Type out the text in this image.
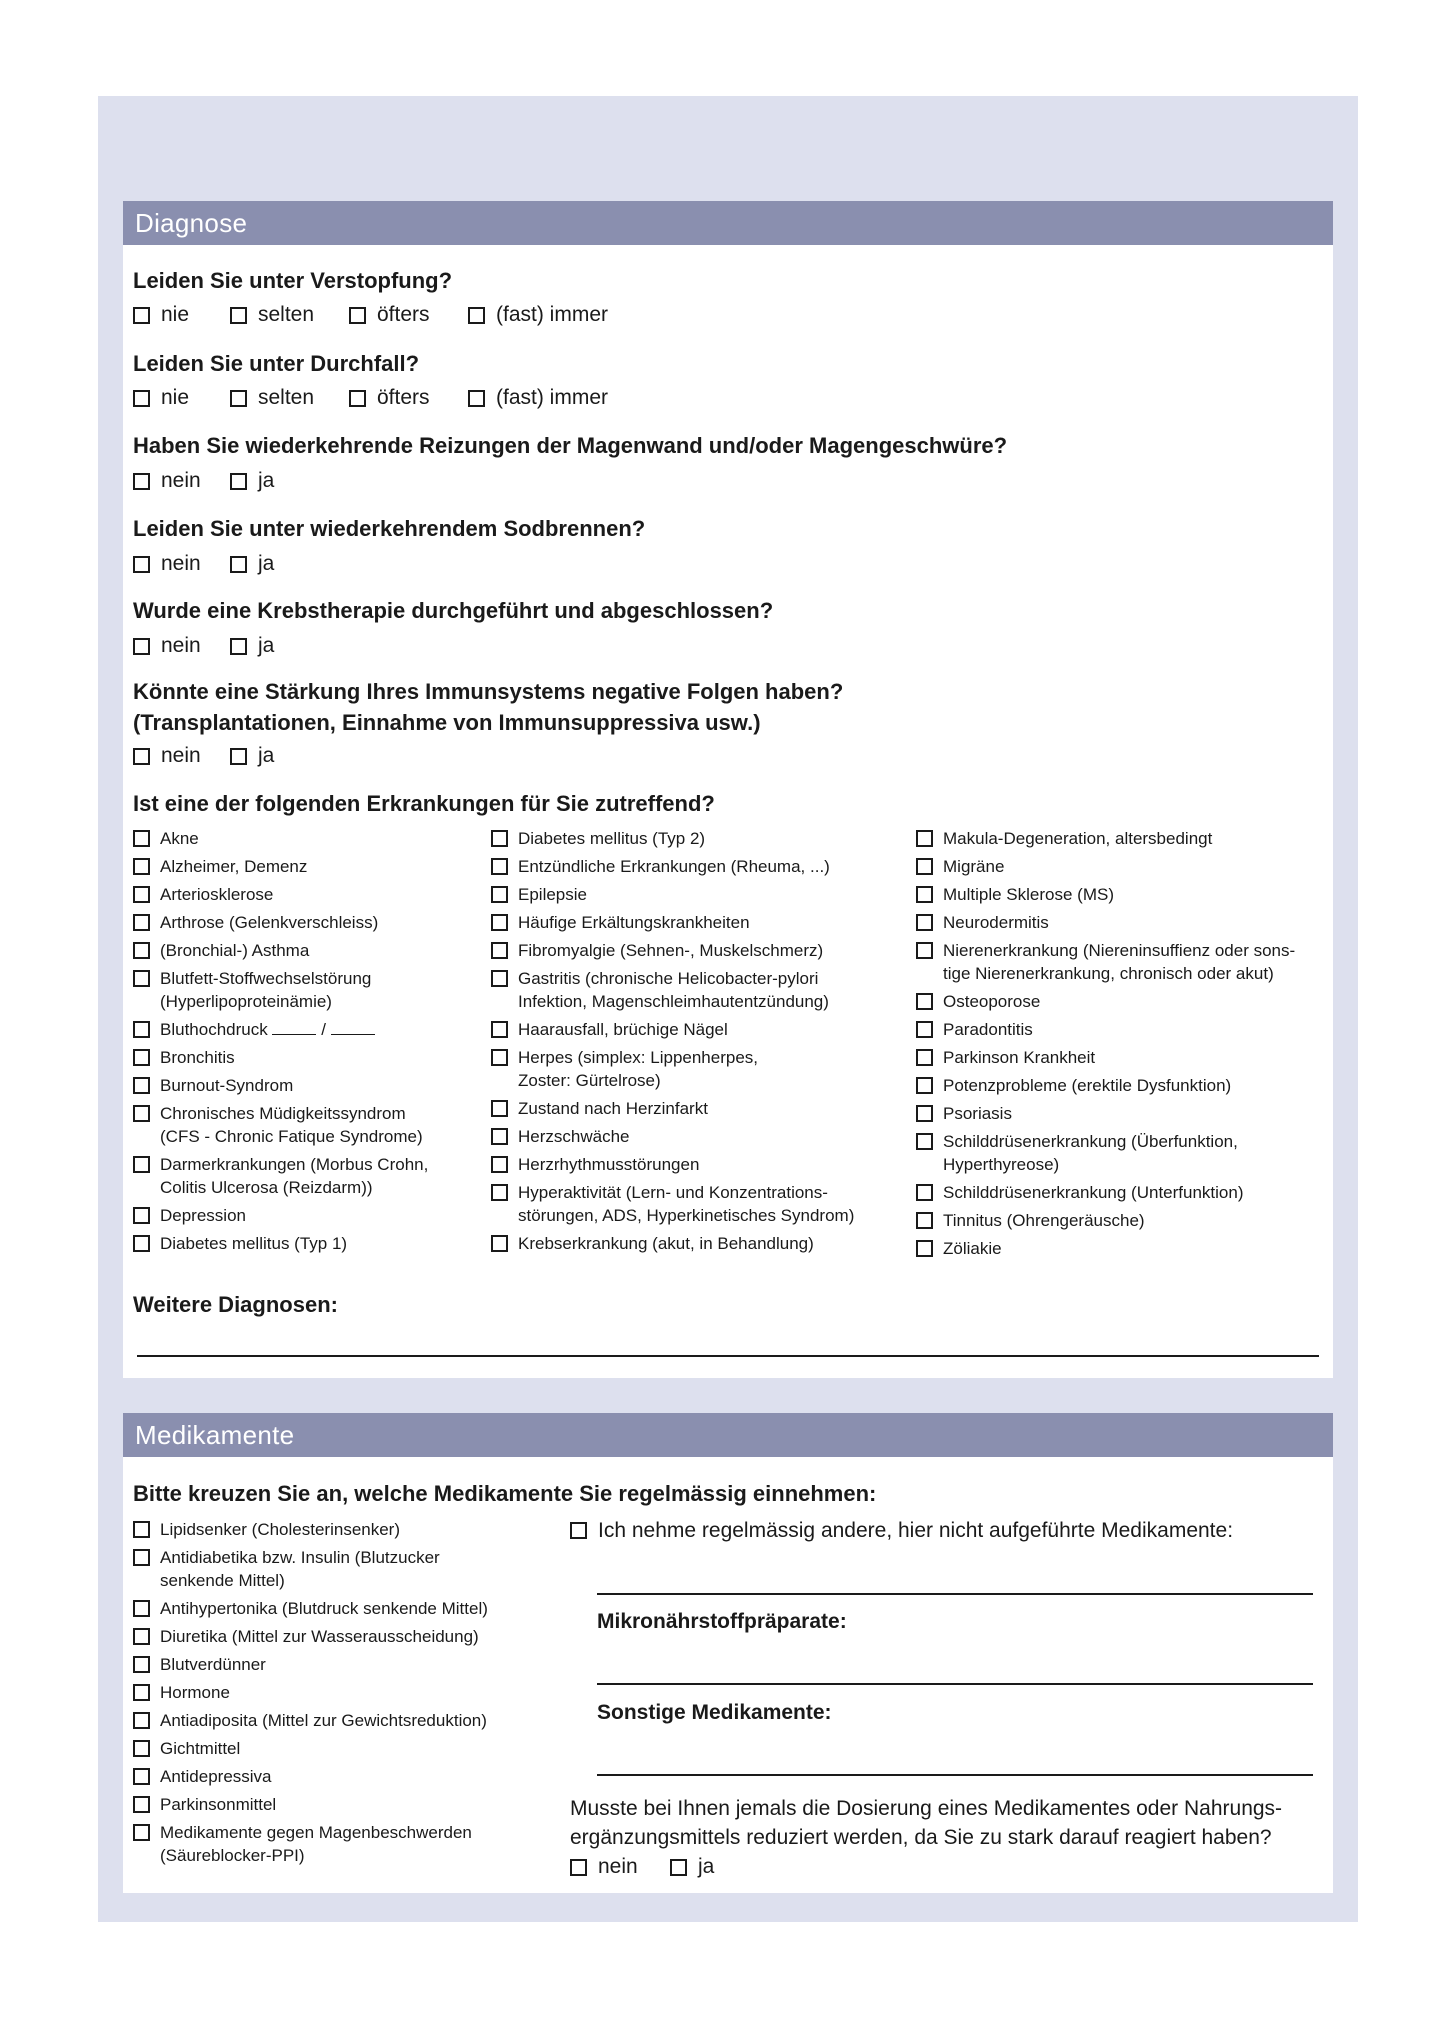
Diagnose
Leiden Sie unter Verstopfung?
nie	selten	öfters	(fast) immer
Leiden Sie unter Durchfall?
nie	selten	öfters	(fast) immer
Haben Sie wiederkehrende Reizungen der Magenwand und/oder Magengeschwüre?
nein	ja
Leiden Sie unter wiederkehrendem Sodbrennen?
nein	ja
Wurde eine Krebstherapie durchgeführt und abgeschlossen?
nein	ja
Könnte eine Stärkung Ihres Immunsystems negative Folgen haben?
(Transplantationen, Einnahme von Immunsuppressiva usw.)
nein	ja
Ist eine der folgenden Erkrankungen für Sie zutreffend?
Akne
Alzheimer, Demenz
Arteriosklerose
Arthrose (Gelenkverschleiss)
(Bronchial-) Asthma
Blutfett-Stoffwechselstörung
(Hyperlipoproteinämie)
Bluthochdruck	/
Bronchitis
Burnout-Syndrom
Chronisches Müdigkeitssyndrom
(CFS - Chronic Fatique Syndrome)
Darmerkrankungen (Morbus Crohn,
Colitis Ulcerosa (Reizdarm))
Depression
Diabetes mellitus (Typ 1)
Diabetes mellitus (Typ 2)
Entzündliche Erkrankungen (Rheuma, ...)
Epilepsie
Häufige Erkältungskrankheiten
Fibromyalgie (Sehnen-, Muskelschmerz)
Gastritis (chronische Helicobacter-pylori
Infektion, Magenschleimhautentzündung)
Haarausfall, brüchige Nägel
Herpes (simplex: Lippenherpes,
Zoster: Gürtelrose)
Zustand nach Herzinfarkt
Herzschwäche
Herzrhythmusstörungen
Hyperaktivität (Lern- und Konzentrations-
störungen, ADS, Hyperkinetisches Syndrom)
Krebserkrankung (akut, in Behandlung)
Makula-Degeneration, altersbedingt
Migräne
Multiple Sklerose (MS)
Neurodermitis
Nierenerkrankung (Niereninsuffienz oder sons-
tige Nierenerkrankung, chronisch oder akut)
Osteoporose
Paradontitis
Parkinson Krankheit
Potenzprobleme (erektile Dysfunktion)
Psoriasis
Schilddrüsenerkrankung (Überfunktion,
Hyperthyreose)
Schilddrüsenerkrankung (Unterfunktion)
Tinnitus (Ohrengeräusche)
Zöliakie
Weitere Diagnosen:
Medikamente
Bitte kreuzen Sie an, welche Medikamente Sie regelmässig einnehmen:
Lipidsenker (Cholesterinsenker)
Antidiabetika bzw. Insulin (Blutzucker
senkende Mittel)
Antihypertonika (Blutdruck senkende Mittel)
Diuretika (Mittel zur Wasserausscheidung)
Blutverdünner
Hormone
Antiadiposita (Mittel zur Gewichtsreduktion)
Gichtmittel
Antidepressiva
Parkinsonmittel
Medikamente gegen Magenbeschwerden
(Säureblocker-PPI)
Ich nehme regelmässig andere, hier nicht aufgeführte Medikamente:
Mikronährstoffpräparate:
Sonstige Medikamente:
Musste bei Ihnen jemals die Dosierung eines Medikamentes oder Nahrungs-
ergänzungsmittels reduziert werden, da Sie zu stark darauf reagiert haben?
nein	ja
